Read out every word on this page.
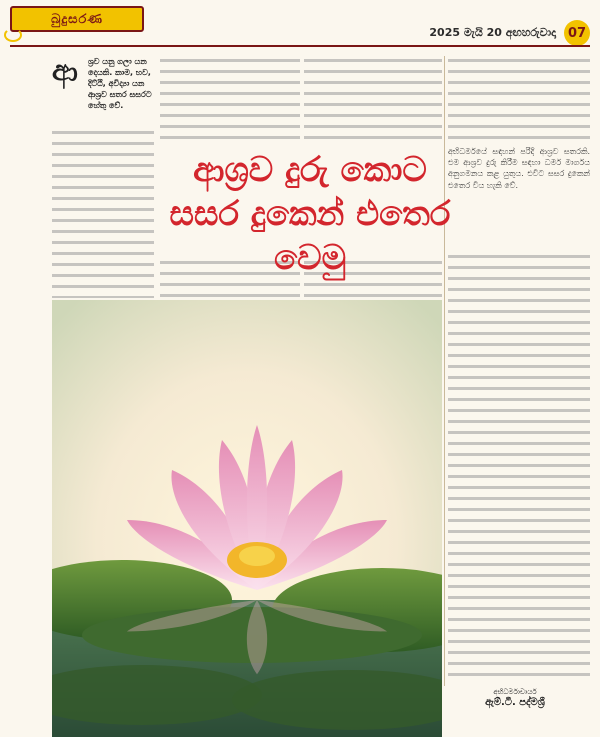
බුදුසරණ
2025 මැයි 20 අඟහරුවාදා 07
ආ	ශ්‍රව යනු ගලා යන දෙයකි. කාම, භව, දිට්ඨි, අවිද්‍යා යන ආශ්‍රව සතර සසරට හේතු වේ.
ආශ්‍රව දුරු කොට
සසර දුකෙන් එතෙර වෙමු
අභිධර්මයේ සඳහන් පරිදි ආශ්‍රව සතරකි. එම ආශ්‍රව දුරු කිරීම සඳහා ධර්ම මාර්ගය අනුගමනය කළ යුතුය. එවිට සසර දුකෙන් එතෙර විය හැකි වේ.
අභිධර්මාචාර්ය
ඇම්.ටී. පද්මශ්‍රී
